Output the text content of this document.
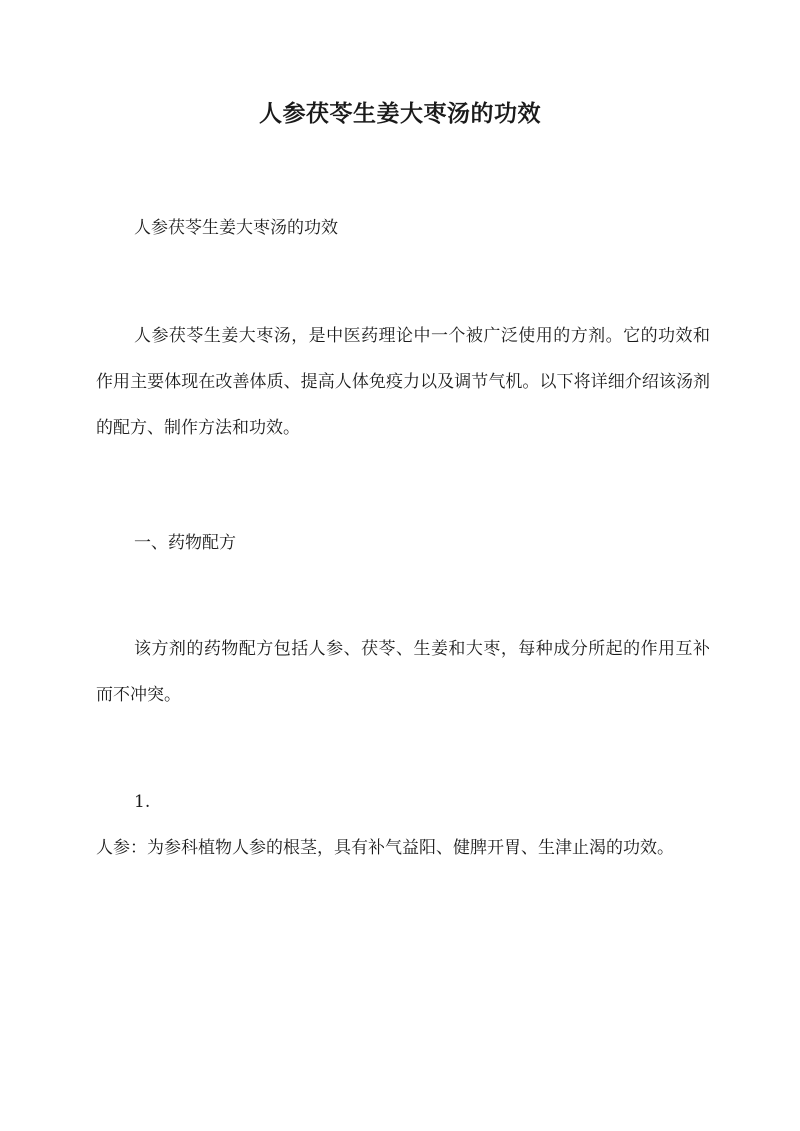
人参茯苓生姜大枣汤的功效

人参茯苓生姜大枣汤的功效

人参茯苓生姜大枣汤，是中医药理论中一个被广泛使用的方剂。它的功效和作用主要体现在改善体质、提高人体免疫力以及调节气机。以下将详细介绍该汤剂的配方、制作方法和功效。

一、药物配方

该方剂的药物配方包括人参、茯苓、生姜和大枣，每种成分所起的作用互补而不冲突。

1.

人参：为参科植物人参的根茎，具有补气益阳、健脾开胃、生津止渴的功效。
